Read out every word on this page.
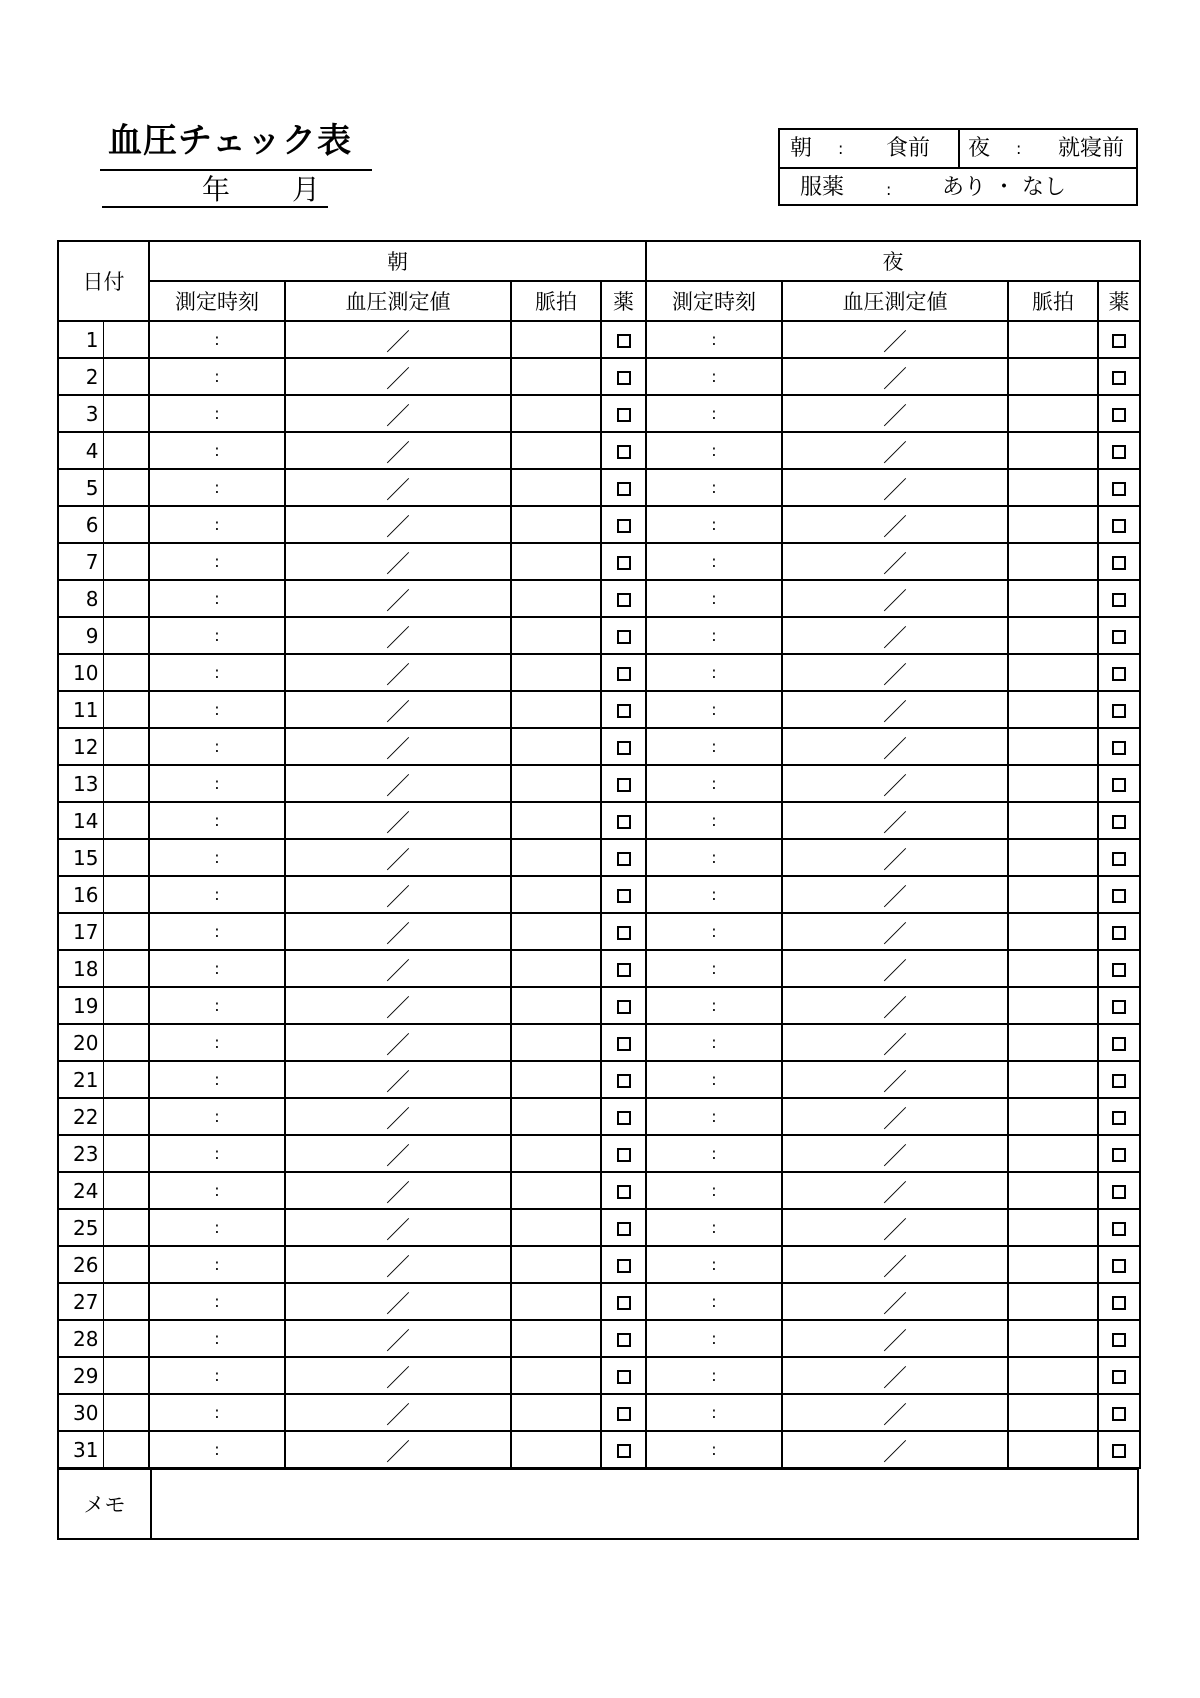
血圧チェック表
年 月
朝 : 食前 夜 : 就寝前
服薬	: あり ・ なし
日付		朝				夜			
		測定時刻	血圧測定値	脈拍	薬	測定時刻	血圧測定値	脈拍	薬
1		:	／			:	／		
2		:	／			:	／		
3		:	／			:	／		
4		:	／			:	／		
5		:	／			:	／		
6		:	／			:	／		
7		:	／			:	／		
8		:	／			:	／		
9		:	／			:	／		
10		:	／			:	／		
11		:	／			:	／		
12		:	／			:	／		
13		:	／			:	／		
14		:	／			:	／		
15		:	／			:	／		
16		:	／			:	／		
17		:	／			:	／		
18		:	／			:	／		
19		:	／			:	／		
20		:	／			:	／		
21		:	／			:	／		
22		:	／			:	／		
23		:	／			:	／		
24		:	／			:	／		
25		:	／			:	／		
26		:	／			:	／		
27		:	／			:	／		
28		:	／			:	／		
29		:	／			:	／		
30		:	／			:	／		
31		:	／			:	／		
メモ
